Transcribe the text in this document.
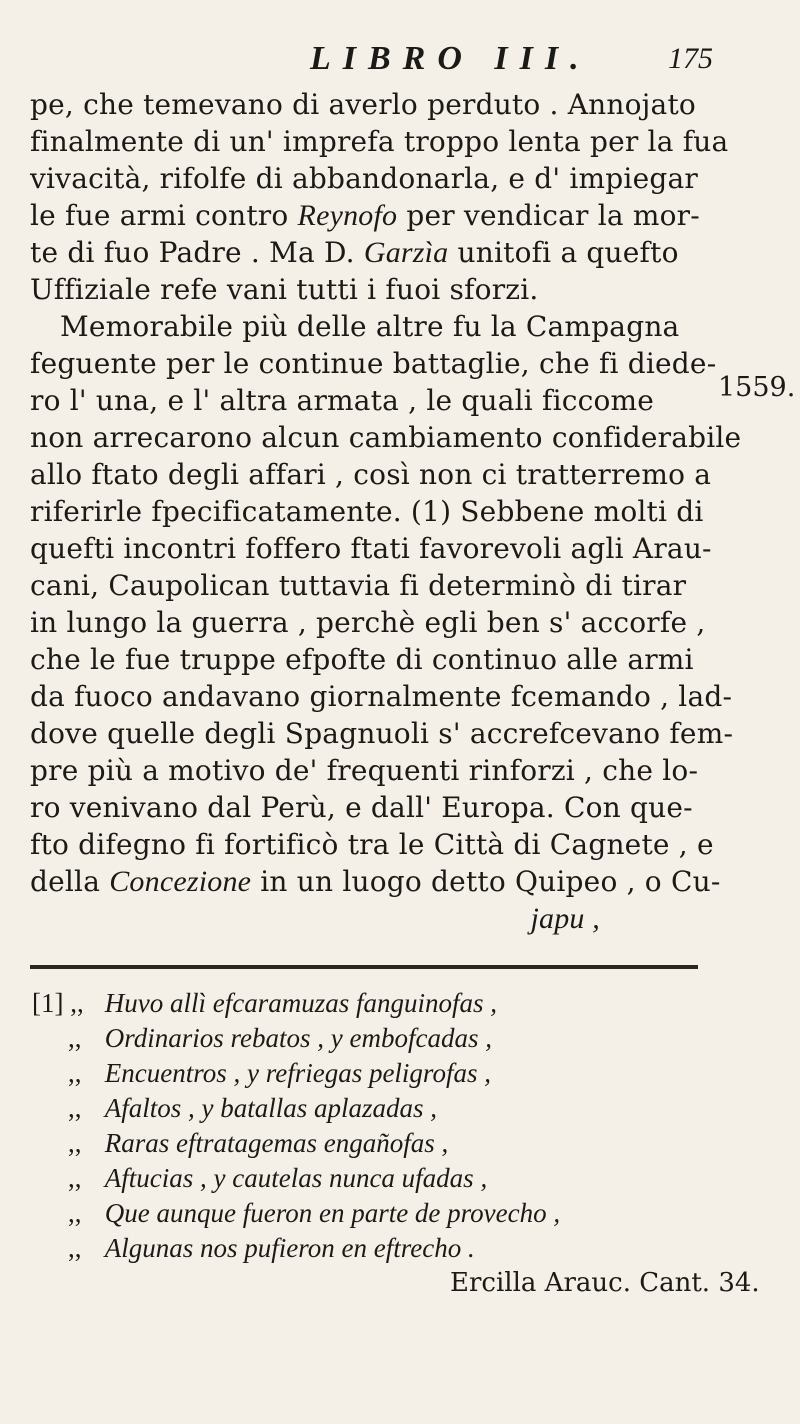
LIBRO III.	175
pe, che temevano di averlo perduto . Annojato
finalmente di un' imprefa troppo lenta per la fua
vivacità, rifolfe di abbandonarla, e d' impiegar
le fue armi contro Reynofo per vendicar la mor-
te di fuo Padre . Ma D. Garzìa unitofi a quefto
Uffiziale refe vani tutti i fuoi sforzi.
Memorabile più delle altre fu la Campagna
feguente per le continue battaglie, che fi diede-
ro l' una, e l' altra armata , le quali ficcome
non arrecarono alcun cambiamento confiderabile
allo ftato degli affari , così non ci tratterremo a
riferirle fpecificatamente. (1) Sebbene molti di
quefti incontri foffero ftati favorevoli agli Arau-
cani, Caupolican tuttavia fi determinò di tirar
in lungo la guerra , perchè egli ben s' accorfe ,
che le fue truppe efpofte di continuo alle armi
da fuoco andavano giornalmente fcemando , lad-
dove quelle degli Spagnuoli s' accrefcevano fem-
pre più a motivo de' frequenti rinforzi , che lo-
ro venivano dal Perù, e dall' Europa. Con que-
fto difegno fi fortificò tra le Città di Cagnete , e
della Concezione in un luogo detto Quipeo , o Cu-
japu ,
1559.
[1] ,, Huvo allì efcaramuzas fanguinofas ,
,, Ordinarios rebatos , y embofcadas ,
,, Encuentros , y refriegas peligrofas ,
,, Afaltos , y batallas aplazadas ,
,, Raras eftratagemas engañofas ,
,, Aftucias , y cautelas nunca ufadas ,
,, Que aunque fueron en parte de provecho ,
,, Algunas nos pufieron en eftrecho .
Ercilla Arauc. Cant. 34.
